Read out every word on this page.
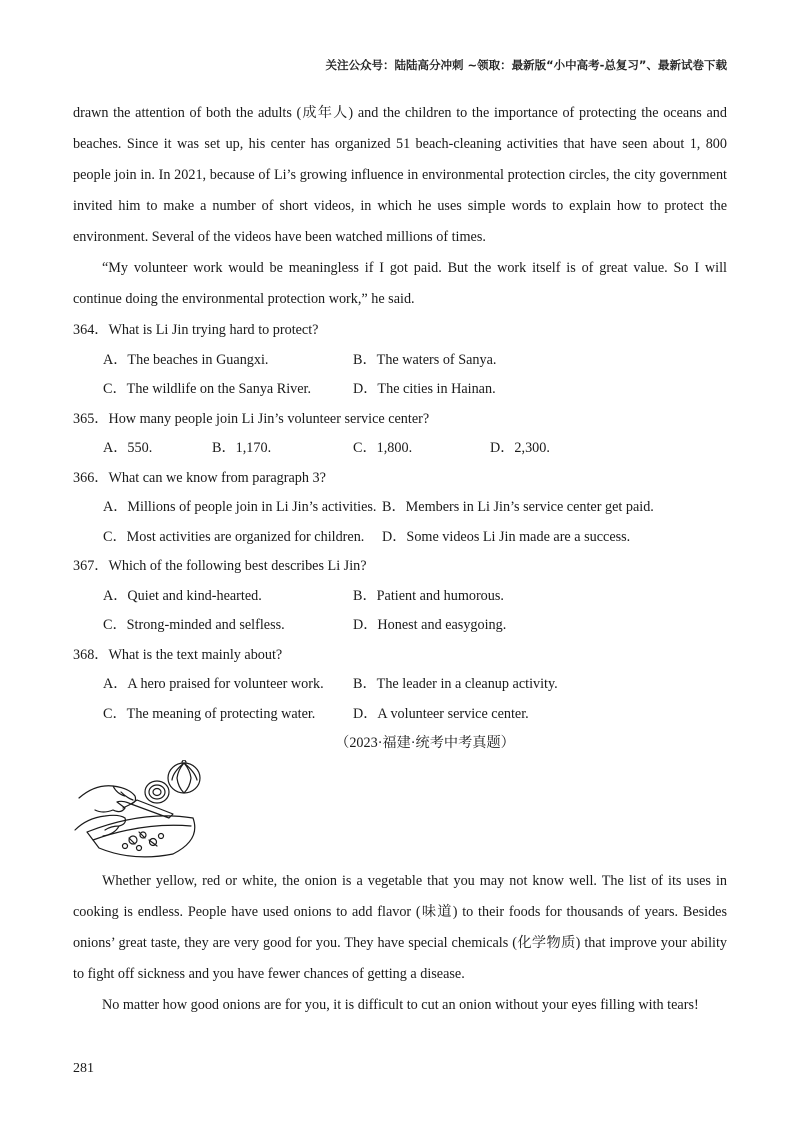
关注公众号：陆陆高分冲刺 ~领取：最新版“小中高考-总复习”、最新试卷下载

drawn the attention of both the adults (成年人) and the children to the importance of protecting the oceans and beaches. Since it was set up, his center has organized 51 beach-cleaning activities that have seen about 1, 800 people join in. In 2021, because of Li’s growing influence in environmental protection circles, the city government invited him to make a number of short videos, in which he uses simple words to explain how to protect the environment. Several of the videos have been watched millions of times.

“My volunteer work would be meaningless if I got paid. But the work itself is of great value. So I will continue doing the environmental protection work,” he said.

364．What is Li Jin trying hard to protect?
A．The beaches in Guangxi.	B．The waters of Sanya.
C．The wildlife on the Sanya River.	D．The cities in Hainan.
365．How many people join Li Jin’s volunteer service center?
A．550.	B．1,170.	C．1,800.	D．2,300.
366．What can we know from paragraph 3?
A．Millions of people join in Li Jin’s activities. B．Members in Li Jin’s service center get paid.
C．Most activities are organized for children. D．Some videos Li Jin made are a success.
367．Which of the following best describes Li Jin?
A．Quiet and kind-hearted.	B．Patient and humorous.
C．Strong-minded and selfless.	D．Honest and easygoing.
368．What is the text mainly about?
A．A hero praised for volunteer work. B．The leader in a cleanup activity.
C．The meaning of protecting water.	D．A volunteer service center.
（2023·福建·统考中考真题）

Whether yellow, red or white, the onion is a vegetable that you may not know well. The list of its uses in cooking is endless. People have used onions to add flavor (味道) to their foods for thousands of years. Besides onions’ great taste, they are very good for you. They have special chemicals (化学物质) that improve your ability to fight off sickness and you have fewer chances of getting a disease.

No matter how good onions are for you, it is difficult to cut an onion without your eyes filling with tears!

281
